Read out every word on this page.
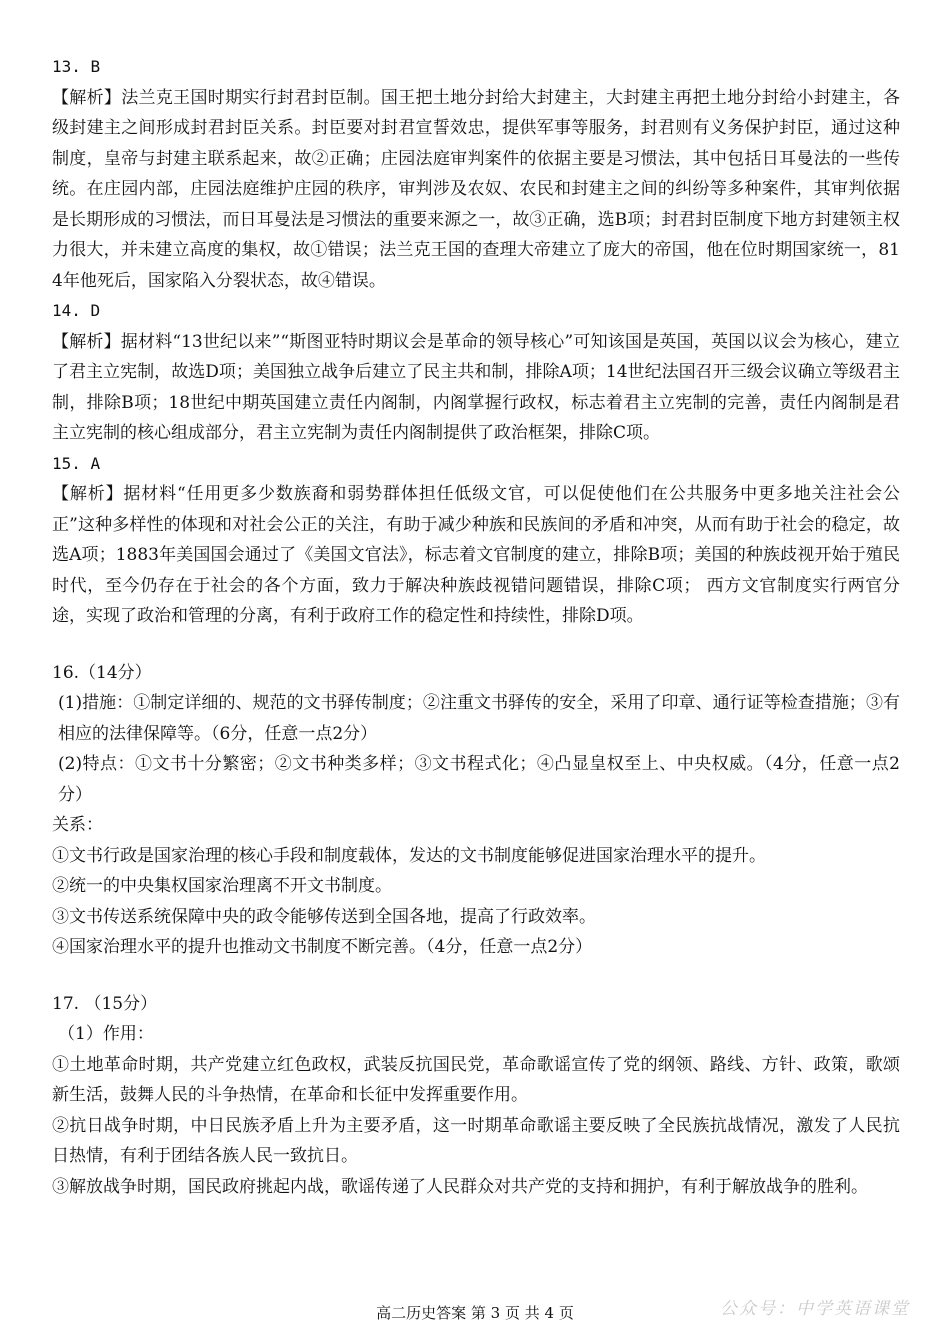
13. B

【解析】法兰克王国时期实行封君封臣制。国王把土地分封给大封建主，大封建主再把土地分封给小封建主，各级封建主之间形成封君封臣关系。封臣要对封君宣誓效忠，提供军事等服务，封君则有义务保护封臣，通过这种制度，皇帝与封建主联系起来，故②正确；庄园法庭审判案件的依据主要是习惯法，其中包括日耳曼法的一些传统。在庄园内部，庄园法庭维护庄园的秩序，审判涉及农奴、农民和封建主之间的纠纷等多种案件，其审判依据是长期形成的习惯法，而日耳曼法是习惯法的重要来源之一，故③正确，选B项；封君封臣制度下地方封建领主权力很大，并未建立高度的集权，故①错误；法兰克王国的查理大帝建立了庞大的帝国，他在位时期国家统一，814年他死后，国家陷入分裂状态，故④错误。

14. D

【解析】据材料“13世纪以来”“斯图亚特时期议会是革命的领导核心”可知该国是英国，英国以议会为核心，建立了君主立宪制，故选D项；美国独立战争后建立了民主共和制，排除A项；14世纪法国召开三级会议确立等级君主制，排除B项；18世纪中期英国建立责任内阁制，内阁掌握行政权，标志着君主立宪制的完善，责任内阁制是君主立宪制的核心组成部分，君主立宪制为责任内阁制提供了政治框架，排除C项。

15. A

【解析】据材料“任用更多少数族裔和弱势群体担任低级文官，可以促使他们在公共服务中更多地关注社会公正”这种多样性的体现和对社会公正的关注，有助于减少种族和民族间的矛盾和冲突，从而有助于社会的稳定，故选A项；1883年美国国会通过了《美国文官法》，标志着文官制度的建立，排除B项；美国的种族歧视开始于殖民时代，至今仍存在于社会的各个方面，致力于解决种族歧视错问题错误，排除C项； 西方文官制度实行两官分途，实现了政治和管理的分离，有利于政府工作的稳定性和持续性，排除D项。

16.（14分）

(1)措施：①制定详细的、规范的文书驿传制度；②注重文书驿传的安全，采用了印章、通行证等检查措施；③有相应的法律保障等。（6分，任意一点2分）

(2)特点：①文书十分繁密；②文书种类多样；③文书程式化；④凸显皇权至上、中央权威。（4分，任意一点2分）

关系：

①文书行政是国家治理的核心手段和制度载体，发达的文书制度能够促进国家治理水平的提升。

②统一的中央集权国家治理离不开文书制度。

③文书传送系统保障中央的政令能够传送到全国各地，提高了行政效率。

④国家治理水平的提升也推动文书制度不断完善。（4分，任意一点2分）

17. （15分）

（1）作用：

①土地革命时期，共产党建立红色政权，武装反抗国民党，革命歌谣宣传了党的纲领、路线、方针、政策，歌颂新生活，鼓舞人民的斗争热情，在革命和长征中发挥重要作用。

②抗日战争时期，中日民族矛盾上升为主要矛盾，这一时期革命歌谣主要反映了全民族抗战情况，激发了人民抗日热情，有利于团结各族人民一致抗日。

③解放战争时期，国民政府挑起内战，歌谣传递了人民群众对共产党的支持和拥护，有利于解放战争的胜利。

高二历史答案 第 3 页 共 4 页	公众号：中学英语课堂
